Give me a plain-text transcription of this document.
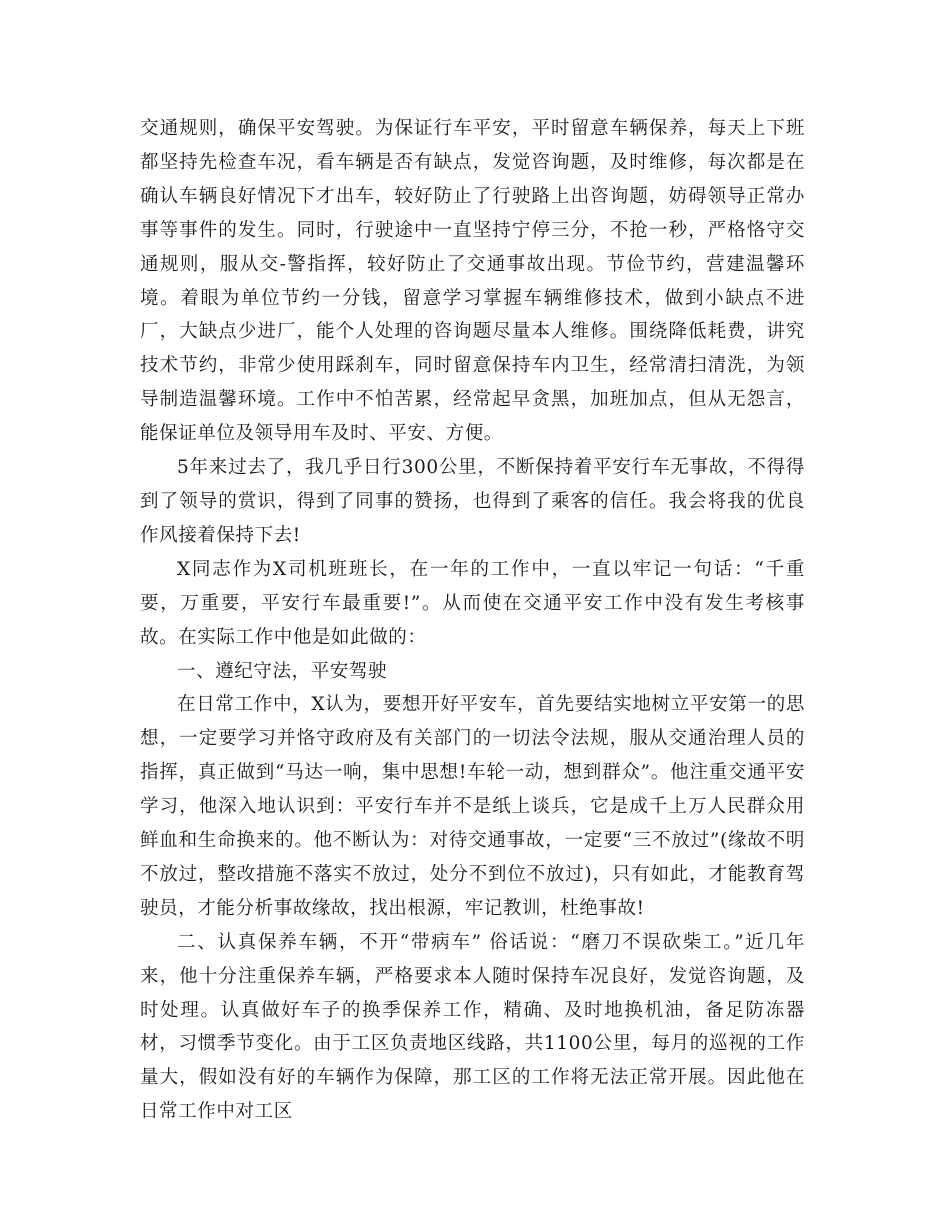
交通规则，确保平安驾驶。为保证行车平安，平时留意车辆保养，每天上下班都坚持先检查车况，看车辆是否有缺点，发觉咨询题，及时维修，每次都是在确认车辆良好情况下才出车，较好防止了行驶路上出咨询题，妨碍领导正常办事等事件的发生。同时，行驶途中一直坚持宁停三分，不抢一秒，严格恪守交通规则，服从交-警指挥，较好防止了交通事故出现。节俭节约，营建温馨环境。着眼为单位节约一分钱，留意学习掌握车辆维修技术，做到小缺点不进厂，大缺点少进厂，能个人处理的咨询题尽量本人维修。围绕降低耗费，讲究技术节约，非常少使用踩刹车，同时留意保持车内卫生，经常清扫清洗，为领导制造温馨环境。工作中不怕苦累，经常起早贪黑，加班加点，但从无怨言，能保证单位及领导用车及时、平安、方便。

5年来过去了，我几乎日行300公里，不断保持着平安行车无事故，不得得到了领导的赏识，得到了同事的赞扬，也得到了乘客的信任。我会将我的优良作风接着保持下去!

X同志作为X司机班班长，在一年的工作中，一直以牢记一句话：“千重要，万重要，平安行车最重要!”。从而使在交通平安工作中没有发生考核事故。在实际工作中他是如此做的：

一、遵纪守法，平安驾驶

在日常工作中，X认为，要想开好平安车，首先要结实地树立平安第一的思想，一定要学习并恪守政府及有关部门的一切法令法规，服从交通治理人员的指挥，真正做到“马达一响，集中思想!车轮一动，想到群众”。他注重交通平安学习，他深入地认识到：平安行车并不是纸上谈兵，它是成千上万人民群众用鲜血和生命换来的。他不断认为：对待交通事故，一定要“三不放过”(缘故不明不放过，整改措施不落实不放过，处分不到位不放过)，只有如此，才能教育驾驶员，才能分析事故缘故，找出根源，牢记教训，杜绝事故!

二、认真保养车辆，不开“带病车” 俗话说：“磨刀不误砍柴工。”近几年来，他十分注重保养车辆，严格要求本人随时保持车况良好，发觉咨询题，及时处理。认真做好车子的换季保养工作，精确、及时地换机油，备足防冻器材，习惯季节变化。由于工区负责地区线路，共1100公里，每月的巡视的工作量大，假如没有好的车辆作为保障，那工区的工作将无法正常开展。因此他在日常工作中对工区
